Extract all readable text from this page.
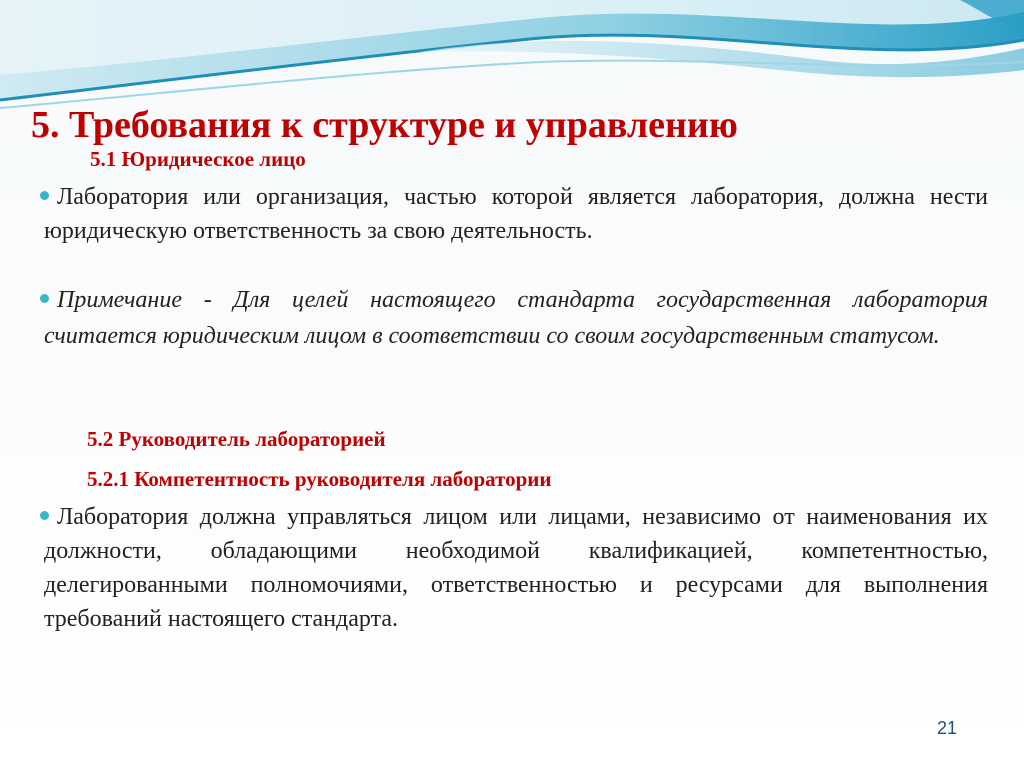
5. Требования к структуре и управлению
5.1 Юридическое лицо
Лаборатория или организация, частью которой является лаборатория, должна нести юридическую ответственность за свою деятельность.
Примечание - Для целей настоящего стандарта государственная лаборатория считается юридическим лицом в соответствии со своим государственным статусом.
5.2 Руководитель лабораторией
5.2.1 Компетентность руководителя лаборатории
Лаборатория должна управляться лицом или лицами, независимо от наименования их должности, обладающими необходимой квалификацией, компетентностью, делегированными полномочиями, ответственностью и ресурсами для выполнения требований настоящего стандарта.
21
